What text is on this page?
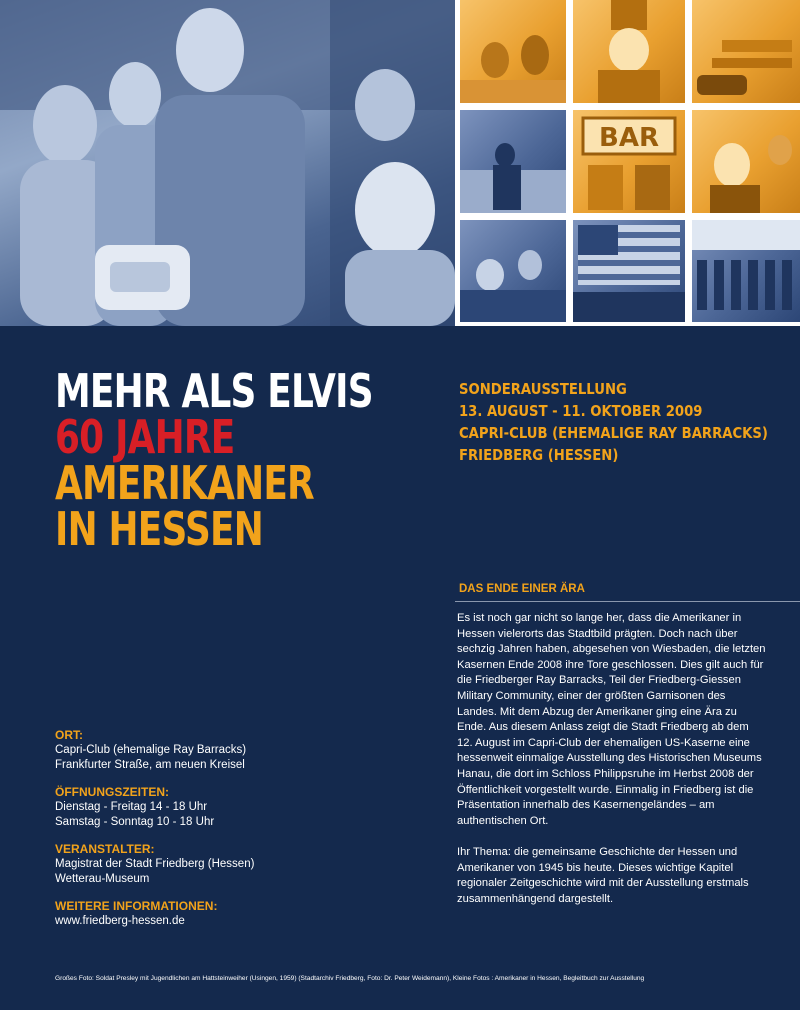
BAR
MEHR ALS ELVIS
60 JAHRE
AMERIKANER
IN HESSEN
SONDERAUSSTELLUNG
13. AUGUST - 11. OKTOBER 2009
CAPRI-CLUB (EHEMALIGE RAY BARRACKS)
FRIEDBERG (HESSEN)
DAS ENDE EINER ÄRA

Es ist noch gar nicht so lange her, dass die Amerikaner in Hessen vielerorts das Stadtbild prägten. Doch nach über sechzig Jahren haben, abgesehen von Wiesbaden, die letzten Kasernen Ende 2008 ihre Tore geschlossen. Dies gilt auch für die Friedberger Ray Barracks, Teil der Friedberg-Giessen Military Community, einer der größten Garnisonen des Landes. Mit dem Abzug der Amerikaner ging eine Ära zu Ende. Aus diesem Anlass zeigt die Stadt Friedberg ab dem 12. August im Capri-Club der ehemaligen US-Kaserne eine hessenweit einmalige Ausstellung des Historischen Museums Hanau, die dort im Schloss Philippsruhe im Herbst 2008 der Öffentlichkeit vorgestellt wurde. Einmalig in Friedberg ist die Präsentation innerhalb des Kasernengeländes – am authentischen Ort.

Ihr Thema: die gemeinsame Geschichte der Hessen und Amerikaner von 1945 bis heute. Dieses wichtige Kapitel regionaler Zeitgeschichte wird mit der Ausstellung erstmals zusammenhängend dargestellt.

ORT:
Capri-Club (ehemalige Ray Barracks)
Frankfurter Straße, am neuen Kreisel
ÖFFNUNGSZEITEN:
Dienstag - Freitag 14 - 18 Uhr
Samstag - Sonntag 10 - 18 Uhr
VERANSTALTER:
Magistrat der Stadt Friedberg (Hessen)
Wetterau-Museum
WEITERE INFORMATIONEN:
www.friedberg-hessen.de
Großes Foto: Soldat Presley mit Jugendlichen am Hattsteinweiher (Usingen, 1959) (Stadtarchiv Friedberg, Foto: Dr. Peter Weidemann), Kleine Fotos : Amerikaner in Hessen, Begleitbuch zur Ausstellung
